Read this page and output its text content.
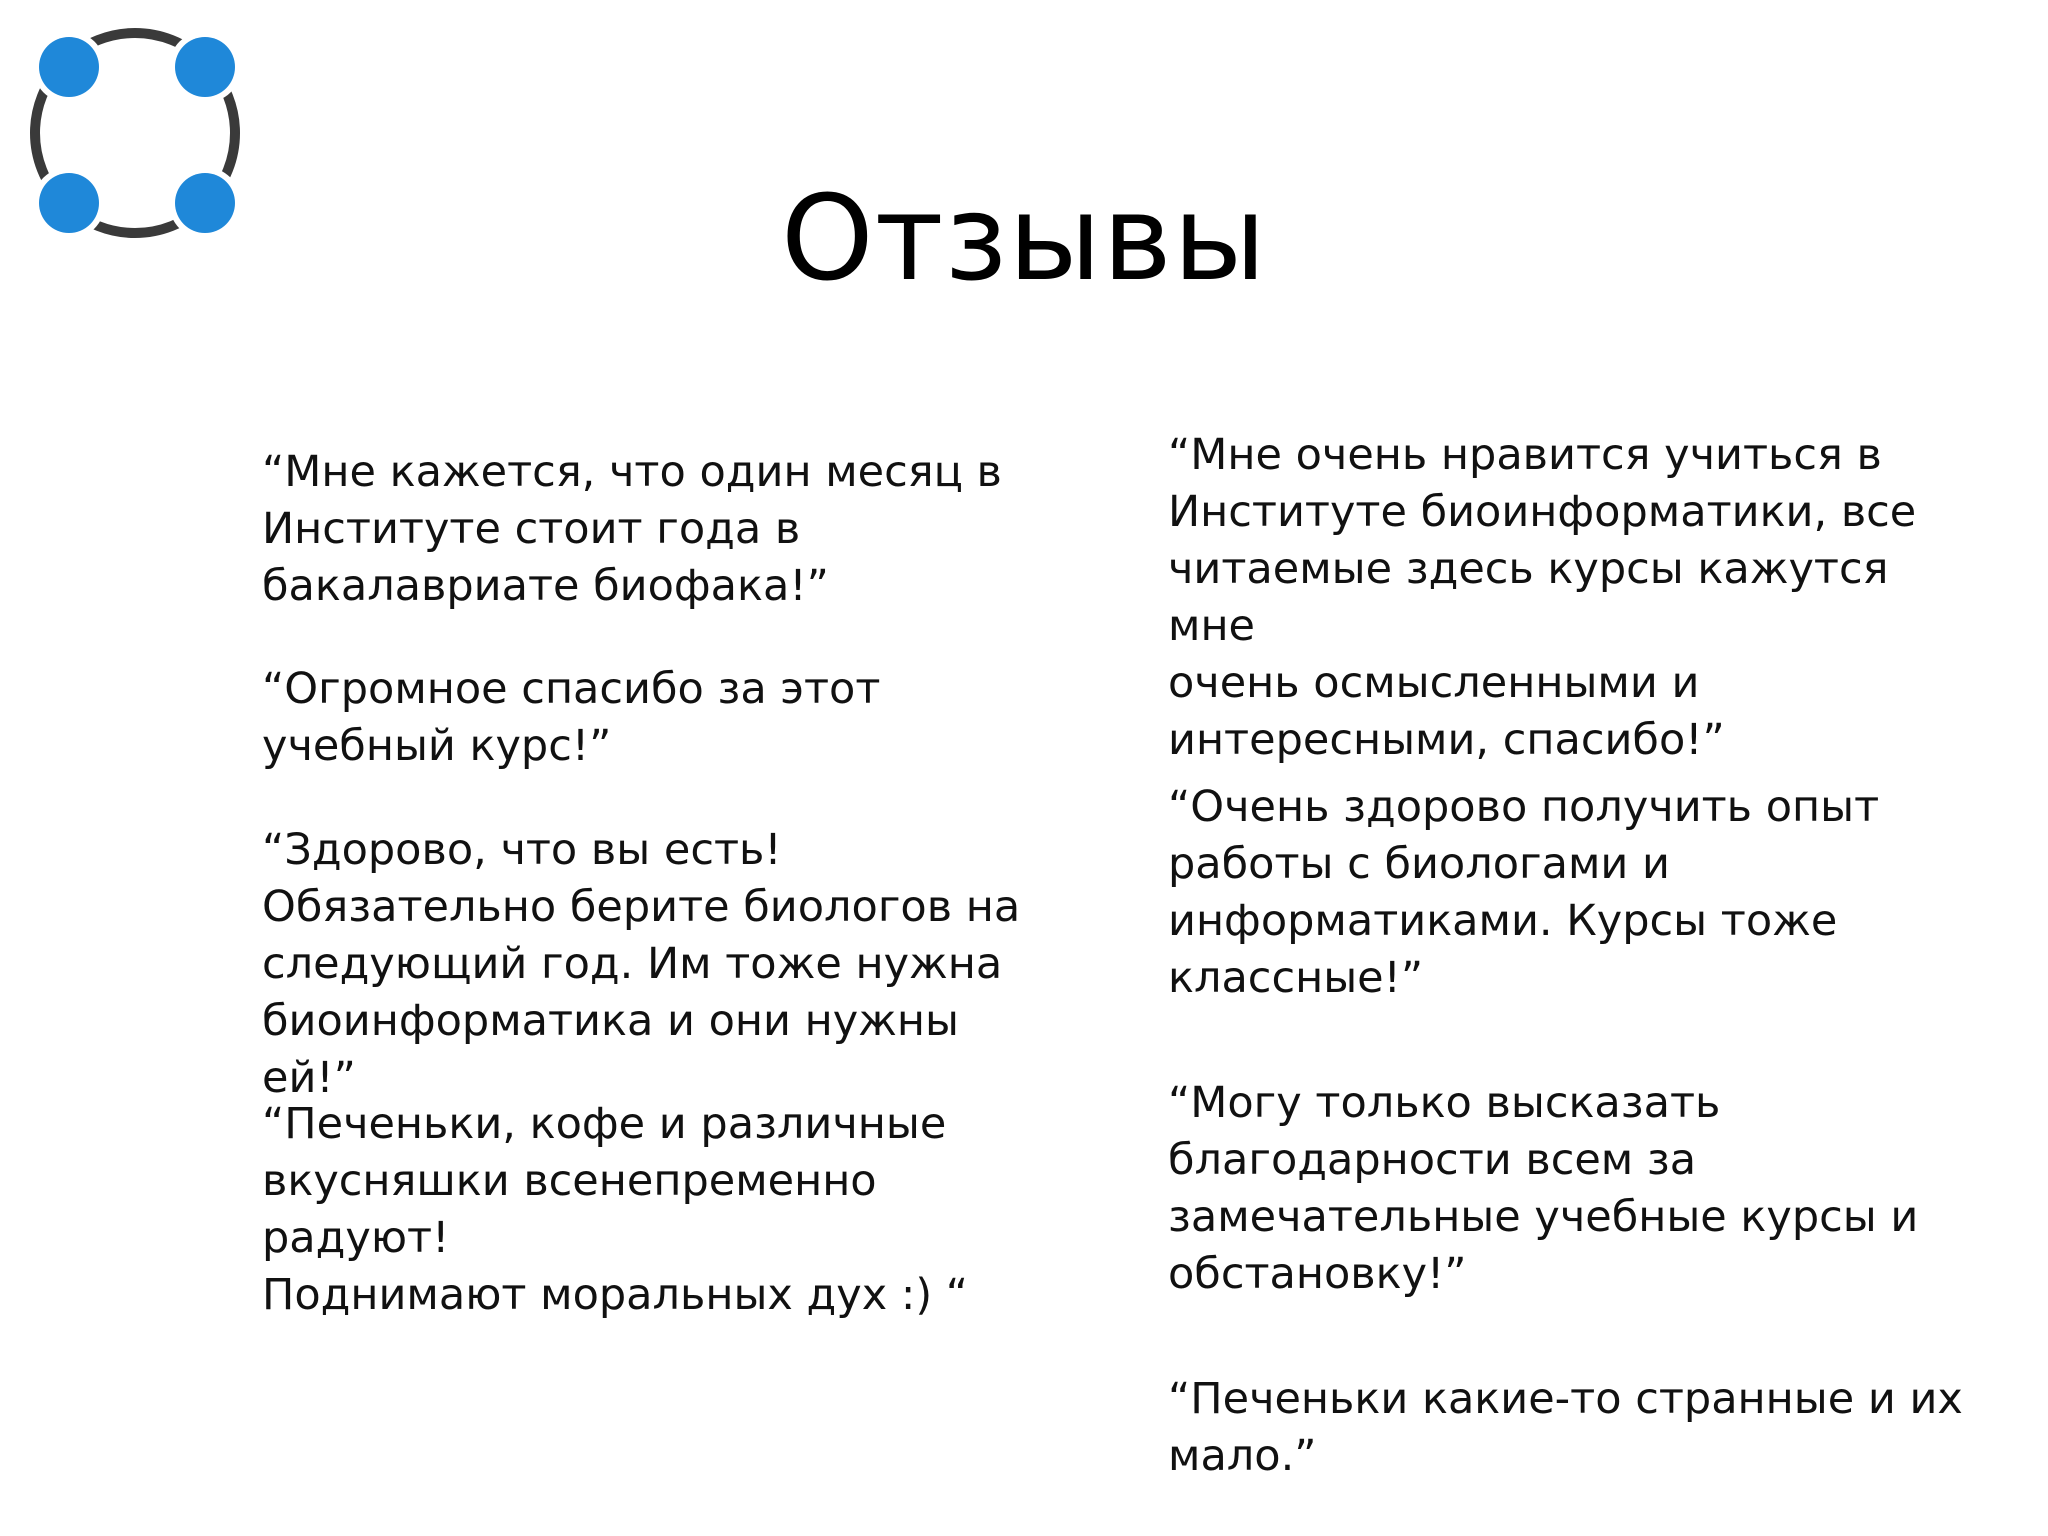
Отзывы

“Мне кажется, что один месяц в
Институте стоит года в
бакалавриате биофака!”

“Огромное спасибо за этот
учебный курс!”

“Здорово, что вы есть!
Обязательно берите биологов на
следующий год. Им тоже нужна
биоинформатика и они нужны ей!”

“Печеньки, кофе и различные
вкусняшки всенепременно радуют!
Поднимают моральных дух :) “

“Мне очень нравится учиться в
Институте биоинформатики, все
читаемые здесь курсы кажутся мне
очень осмысленными и
интересными, спасибо!”

“Очень здорово получить опыт
работы с биологами и
информатиками. Курсы тоже
классные!”

“Могу только высказать
благодарности всем за
замечательные учебные курсы и
обстановку!”

“Печеньки какие-то странные и их
мало.”
